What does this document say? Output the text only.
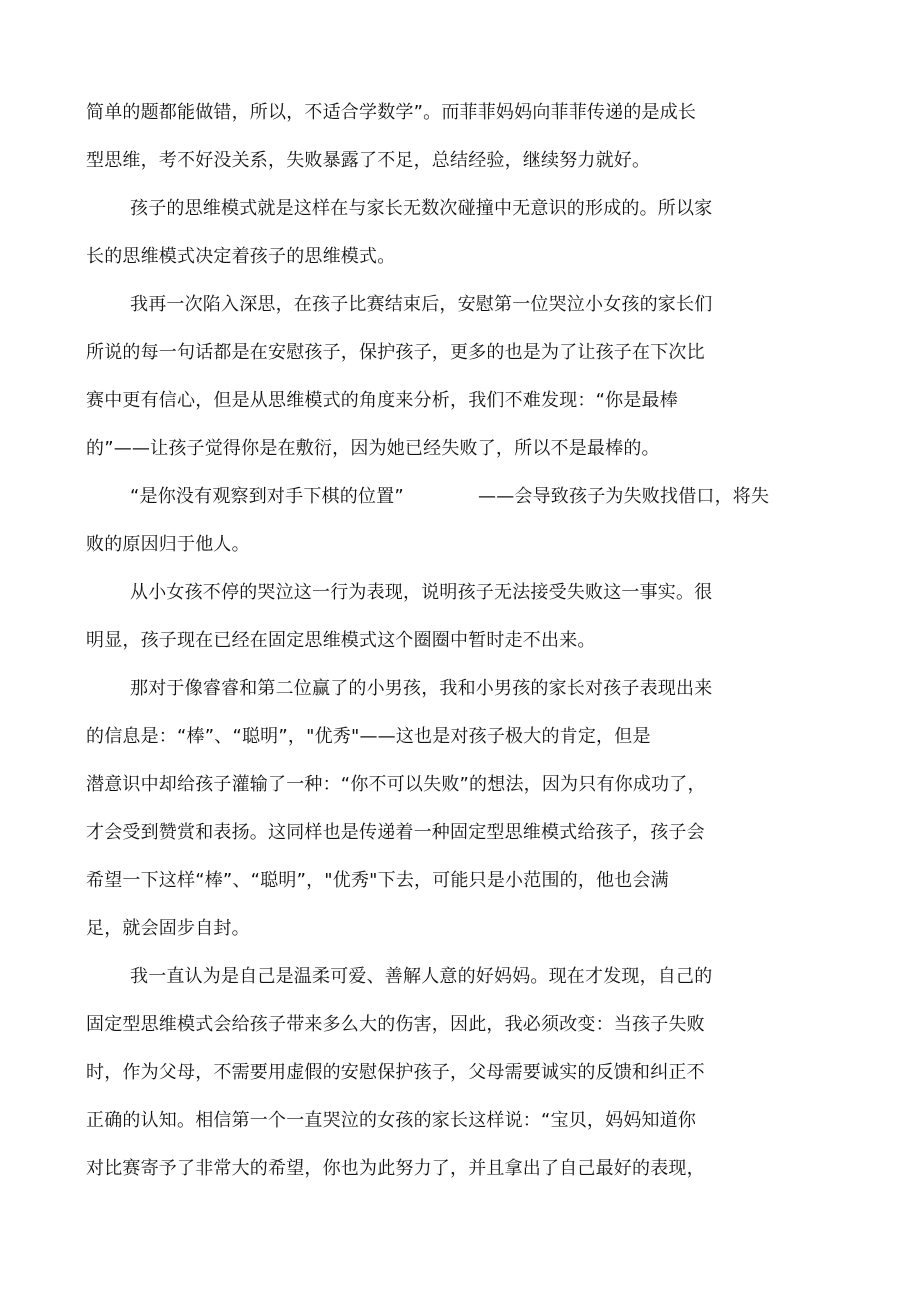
简单的题都能做错，所以，不适合学数学”。而菲菲妈妈向菲菲传递的是成长

型思维，考不好没关系，失败暴露了不足，总结经验，继续努力就好。

孩子的思维模式就是这样在与家长无数次碰撞中无意识的形成的。所以家

长的思维模式决定着孩子的思维模式。

我再一次陷入深思，在孩子比赛结束后，安慰第一位哭泣小女孩的家长们

所说的每一句话都是在安慰孩子，保护孩子，更多的也是为了让孩子在下次比

赛中更有信心，但是从思维模式的角度来分析，我们不难发现：“你是最棒

的”——让孩子觉得你是在敷衍，因为她已经失败了，所以不是最棒的。

“是你没有观察到对手下棋的位置”	——会导致孩子为失败找借口，将失

败的原因归于他人。

从小女孩不停的哭泣这一行为表现，说明孩子无法接受失败这一事实。很

明显，孩子现在已经在固定思维模式这个圈圈中暂时走不出来。

那对于像睿睿和第二位赢了的小男孩，我和小男孩的家长对孩子表现出来

的信息是：“棒”、“聪明”，"优秀"——这也是对孩子极大的肯定，但是

潜意识中却给孩子灌输了一种：“你不可以失败”的想法，因为只有你成功了，

才会受到赞赏和表扬。这同样也是传递着一种固定型思维模式给孩子，孩子会

希望一下这样“棒”、“聪明”，"优秀"下去，可能只是小范围的，他也会满

足，就会固步自封。

我一直认为是自己是温柔可爱、善解人意的好妈妈。现在才发现，自己的

固定型思维模式会给孩子带来多么大的伤害，因此，我必须改变：当孩子失败

时，作为父母，不需要用虚假的安慰保护孩子，父母需要诚实的反馈和纠正不

正确的认知。相信第一个一直哭泣的女孩的家长这样说：“宝贝，妈妈知道你

对比赛寄予了非常大的希望，你也为此努力了，并且拿出了自己最好的表现，
